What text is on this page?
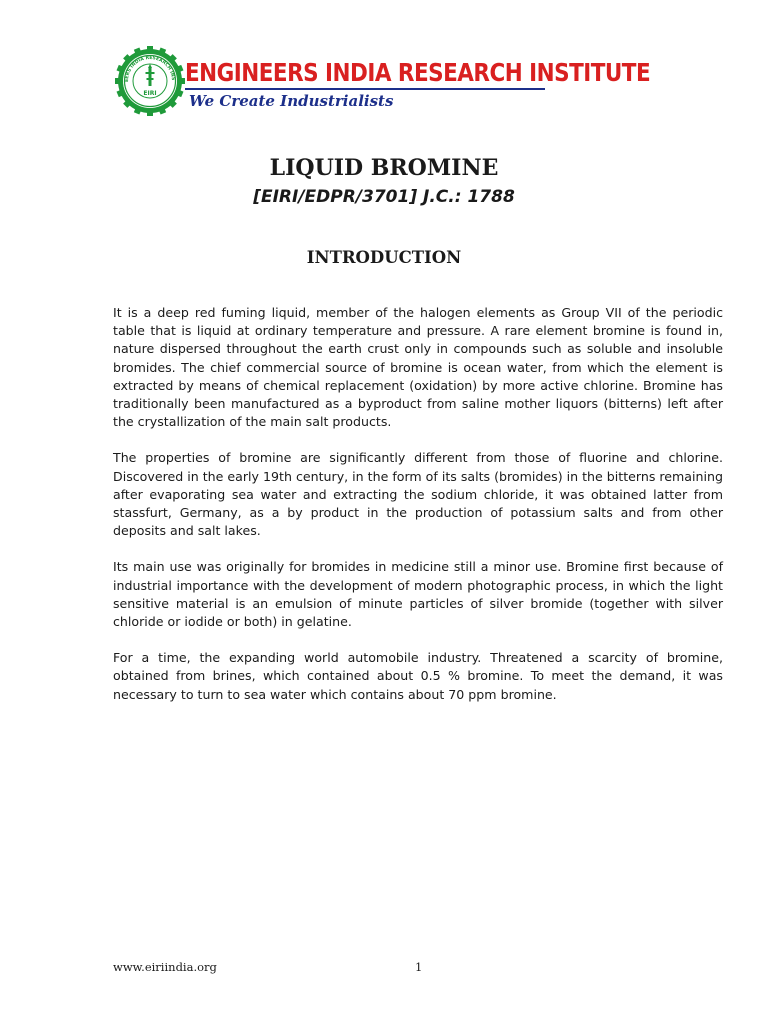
EERS INDIA RESEARCH INS
EIRI
ENGINEERS INDIA RESEARCH INSTITUTE
We Create Industrialists
LIQUID BROMINE
[EIRI/EDPR/3701] J.C.: 1788
INTRODUCTION

It is a deep red fuming liquid, member of the halogen elements as Group VII of the periodic table that is liquid at ordinary temperature and pressure. A rare element bromine is found in, nature dispersed throughout the earth crust only in compounds such as soluble and insoluble bromides. The chief commercial source of bromine is ocean water, from which the element is extracted by means of chemical replacement (oxidation) by more active chlorine. Bromine has traditionally been manufactured as a byproduct from saline mother liquors (bitterns) left after the crystallization of the main salt products.

The properties of bromine are significantly different from those of fluorine and chlorine. Discovered in the early 19th century, in the form of its salts (bromides) in the bitterns remaining after evaporating sea water and extracting the sodium chloride, it was obtained latter from stassfurt, Germany, as a by product in the production of potassium salts and from other deposits and salt lakes.

Its main use was originally for bromides in medicine still a minor use. Bromine first because of industrial importance with the development of modern photographic process, in which the light sensitive material is an emulsion of minute particles of silver bromide (together with silver chloride or iodide or both) in gelatine.

For a time, the expanding world automobile industry. Threatened a scarcity of bromine, obtained from brines, which contained about 0.5 % bromine. To meet the demand, it was necessary to turn to sea water which contains about 70 ppm bromine.

www.eiriindia.org	1
